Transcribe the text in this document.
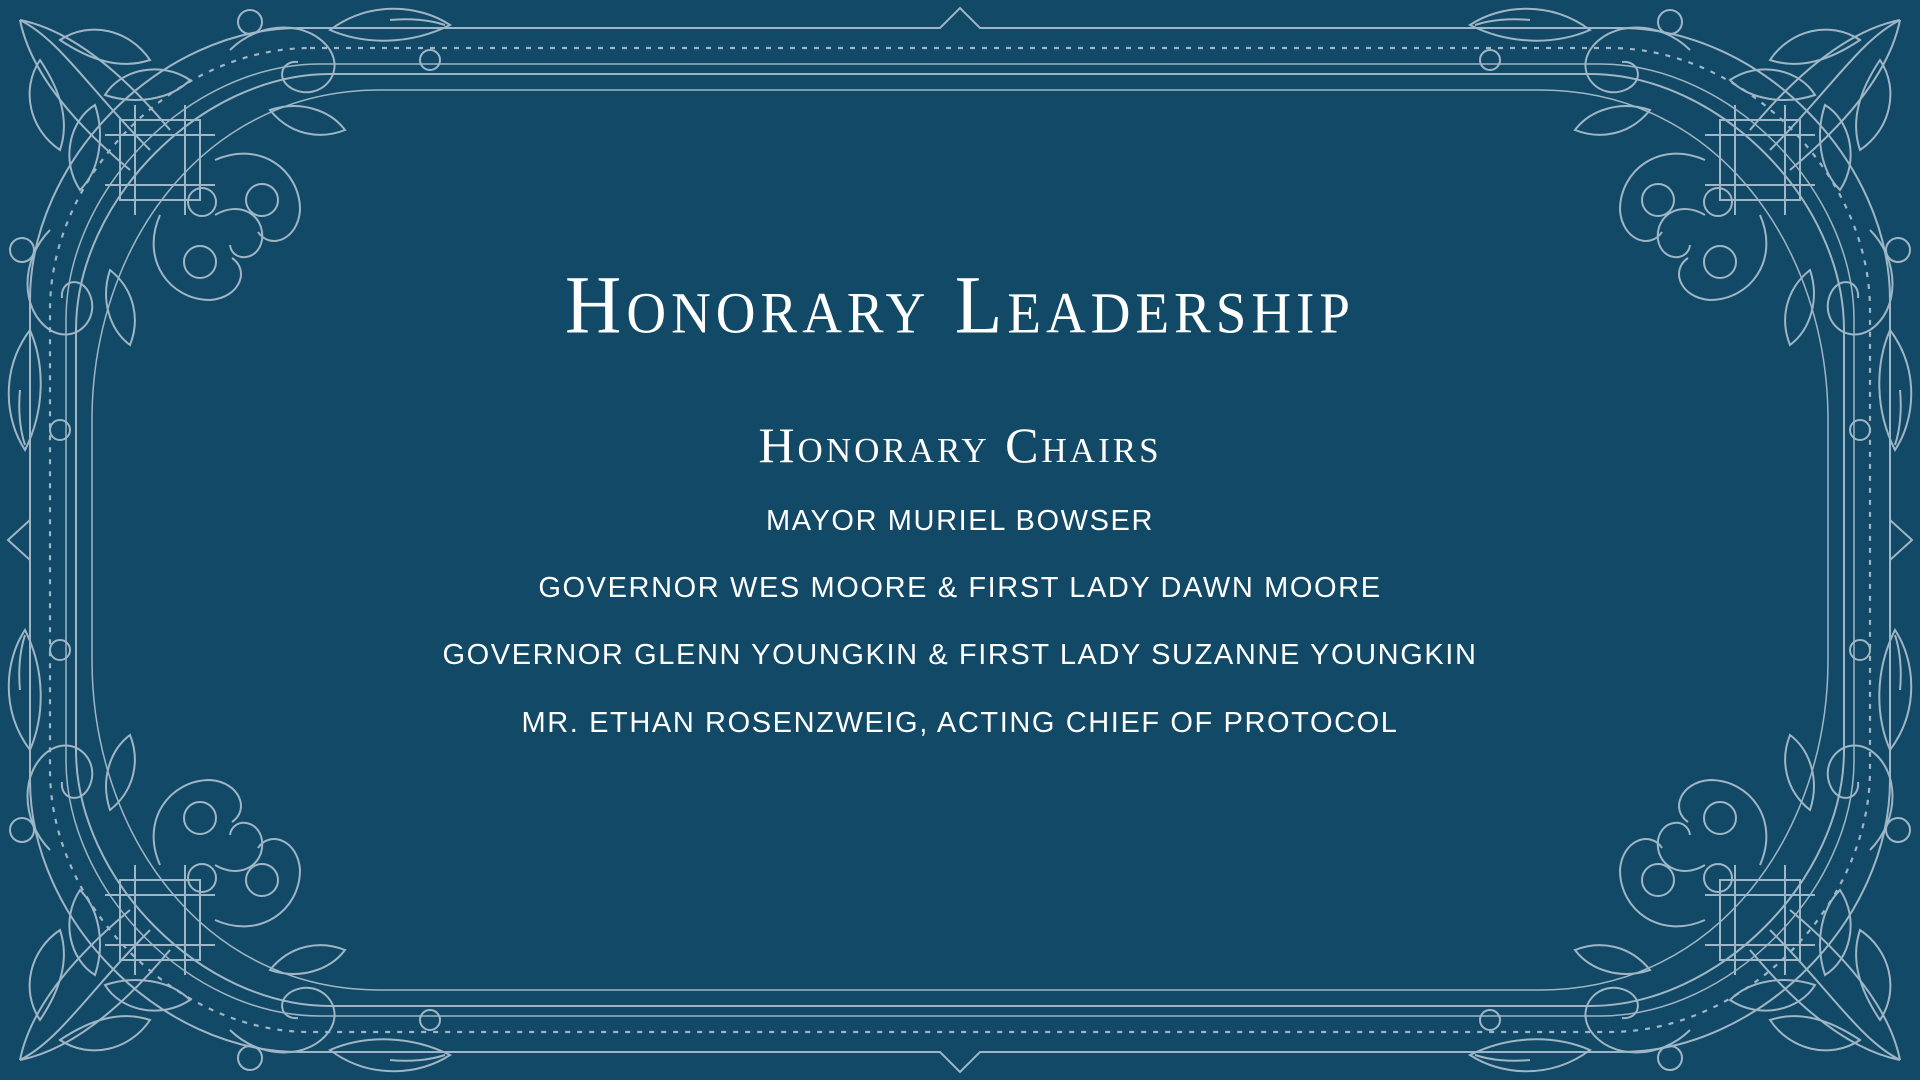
Honorary Leadership
Honorary Chairs

MAYOR MURIEL BOWSER

GOVERNOR WES MOORE & FIRST LADY DAWN MOORE

GOVERNOR GLENN YOUNGKIN & FIRST LADY SUZANNE YOUNGKIN

MR. ETHAN ROSENZWEIG, ACTING CHIEF OF PROTOCOL
